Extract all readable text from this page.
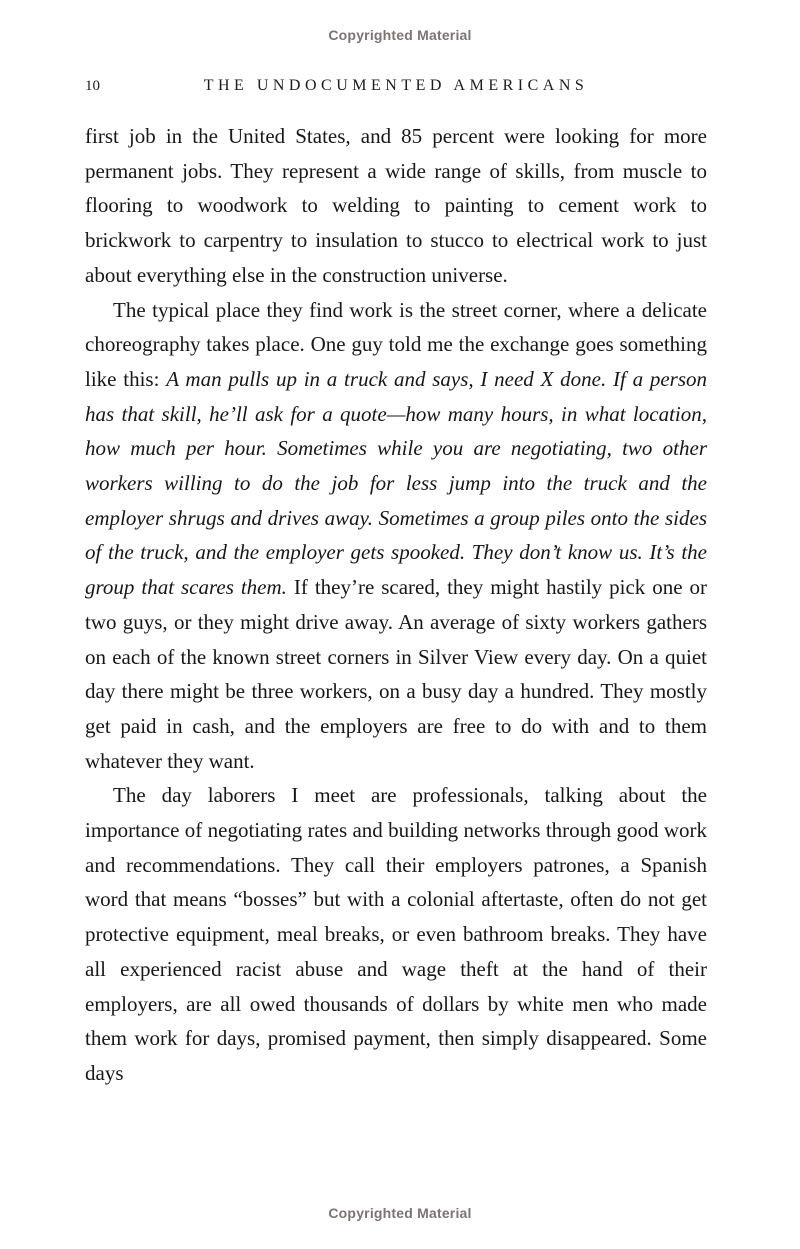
Copyrighted Material
10	THE UNDOCUMENTED AMERICANS

first job in the United States, and 85 percent were looking for more permanent jobs. They represent a wide range of skills, from muscle to flooring to woodwork to welding to painting to cement work to brickwork to carpentry to insulation to stucco to electrical work to just about everything else in the construction universe.

The typical place they find work is the street corner, where a delicate choreography takes place. One guy told me the exchange goes something like this: A man pulls up in a truck and says, I need X done. If a person has that skill, he’ll ask for a quote—how many hours, in what location, how much per hour. Sometimes while you are negotiating, two other workers willing to do the job for less jump into the truck and the employer shrugs and drives away. Sometimes a group piles onto the sides of the truck, and the employer gets spooked. They don’t know us. It’s the group that scares them. If they’re scared, they might hastily pick one or two guys, or they might drive away. An average of sixty workers gathers on each of the known street corners in Silver View every day. On a quiet day there might be three workers, on a busy day a hundred. They mostly get paid in cash, and the employers are free to do with and to them whatever they want.

The day laborers I meet are professionals, talking about the importance of negotiating rates and building networks through good work and recommendations. They call their employers patrones, a Spanish word that means “bosses” but with a colonial aftertaste, often do not get protective equipment, meal breaks, or even bathroom breaks. They have all experienced racist abuse and wage theft at the hand of their employers, are all owed thousands of dollars by white men who made them work for days, promised payment, then simply disappeared. Some days

Copyrighted Material
